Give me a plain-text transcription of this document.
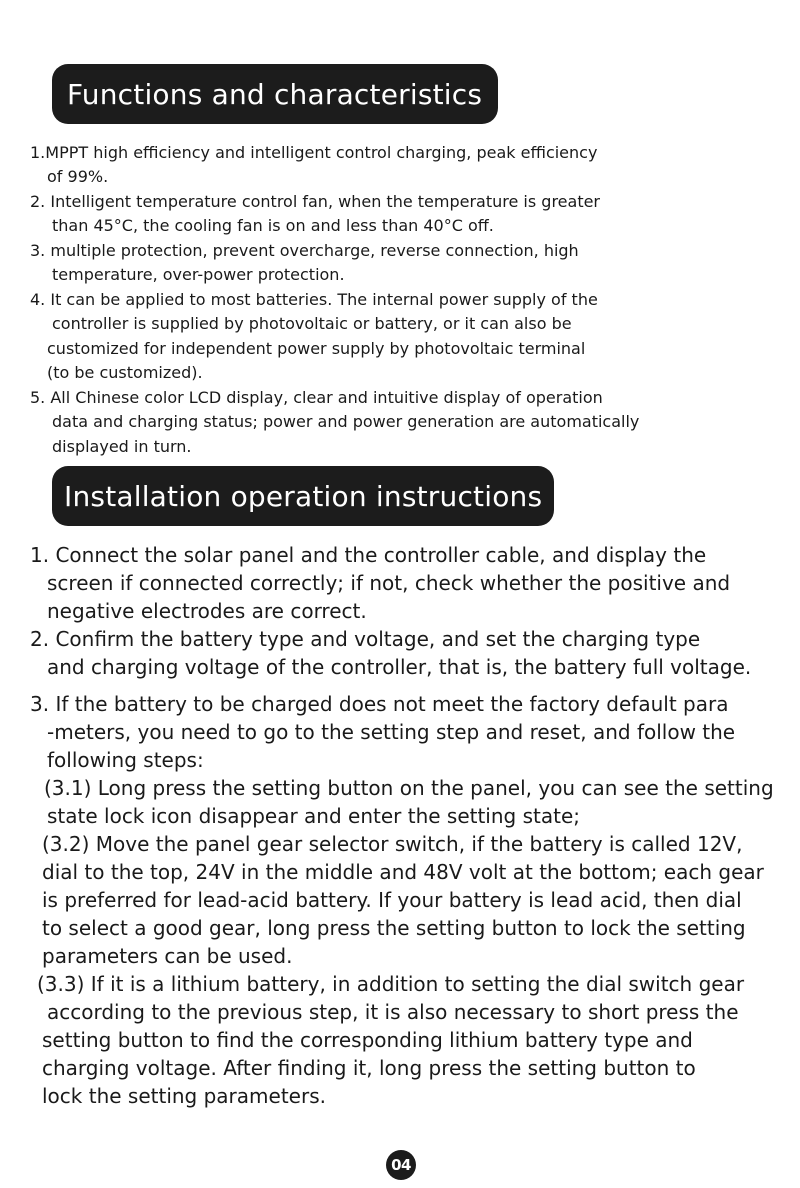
Functions and characteristics
1.MPPT high efficiency and intelligent control charging, peak efficiency
of 99%.
2. Intelligent temperature control fan, when the temperature is greater
than 45°C, the cooling fan is on and less than 40°C off.
3. multiple protection, prevent overcharge, reverse connection, high
temperature, over-power protection.
4. It can be applied to most batteries. The internal power supply of the
controller is supplied by photovoltaic or battery, or it can also be
customized for independent power supply by photovoltaic terminal
(to be customized).
5. All Chinese color LCD display, clear and intuitive display of operation
data and charging status; power and power generation are automatically
displayed in turn.
Installation operation instructions
1. Connect the solar panel and the controller cable, and display the
screen if connected correctly; if not, check whether the positive and
negative electrodes are correct.
2. Confirm the battery type and voltage, and set the charging type
and charging voltage of the controller, that is, the battery full voltage.
3. If the battery to be charged does not meet the factory default para
-meters, you need to go to the setting step and reset, and follow the
following steps:
(3.1) Long press the setting button on the panel, you can see the setting
state lock icon disappear and enter the setting state;
(3.2) Move the panel gear selector switch, if the battery is called 12V,
dial to the top, 24V in the middle and 48V volt at the bottom; each gear
is preferred for lead-acid battery. If your battery is lead acid, then dial
to select a good gear, long press the setting button to lock the setting
parameters can be used.
(3.3) If it is a lithium battery, in addition to setting the dial switch gear
according to the previous step, it is also necessary to short press the
setting button to find the corresponding lithium battery type and
charging voltage. After finding it, long press the setting button to
lock the setting parameters.
04
